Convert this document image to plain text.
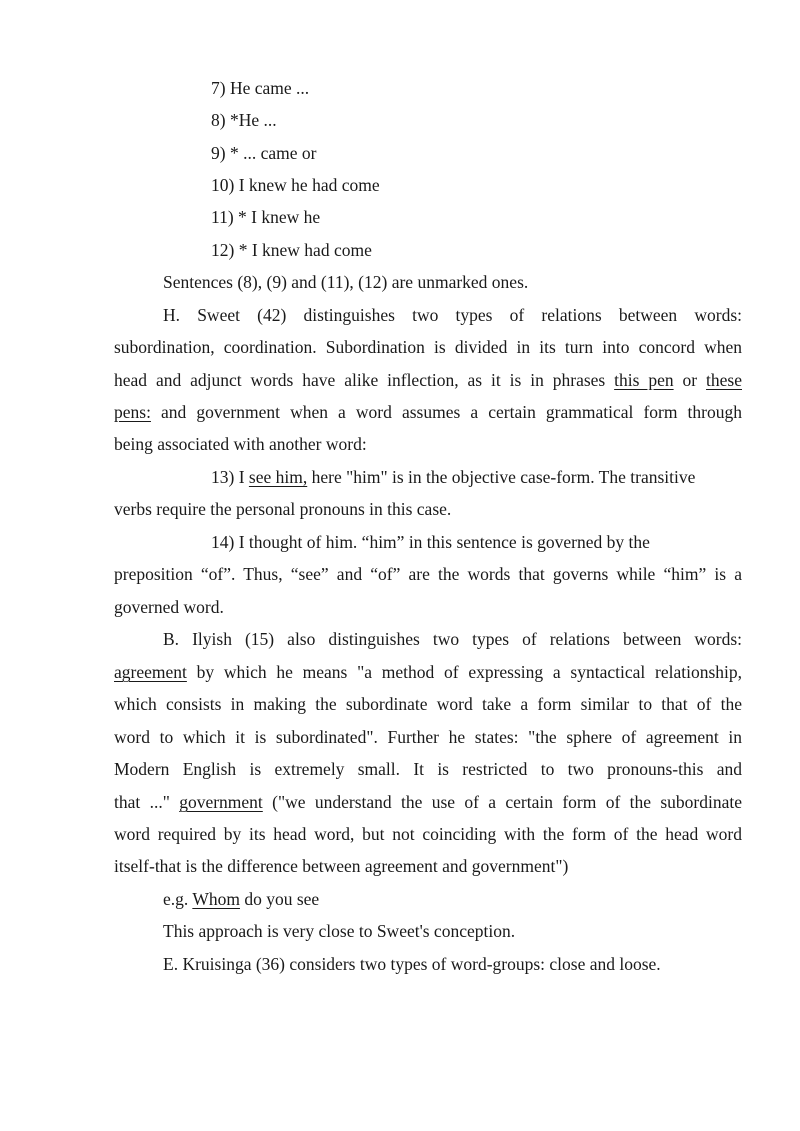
7) He came ...
8) *He ...
9) * ... came or
10) I knew he had come
11) * I knew he
12) * I knew had come
Sentences (8), (9) and (11), (12) are unmarked ones.
H. Sweet (42) distinguishes two types of relations between words:
subordination, coordination. Subordination is divided in its turn into concord when
head and adjunct words have alike inflection, as it is in phrases this pen or these
pens: and government when a word assumes a certain grammatical form through
being associated with another word:
13) I see him, here "him" is in the objective case-form. The transitive
verbs require the personal pronouns in this case.
14) I thought of him. “him” in this sentence is governed by the
preposition “of”. Thus, “see” and “of” are the words that governs while “him” is a
governed word.
B. Ilyish (15) also distinguishes two types of relations between words:
agreement by which he means "a method of expressing a syntactical relationship,
which consists in making the subordinate word take a form similar to that of the
word to which it is subordinated". Further he states: "the sphere of agreement in
Modern English is extremely small. It is restricted to two pronouns-this and
that ..." government ("we understand the use of a certain form of the subordinate
word required by its head word, but not coinciding with the form of the head word
itself-that is the difference between agreement and government")
e.g. Whom do you see
This approach is very close to Sweet's conception.
E. Kruisinga (36) considers two types of word-groups: close and loose.
